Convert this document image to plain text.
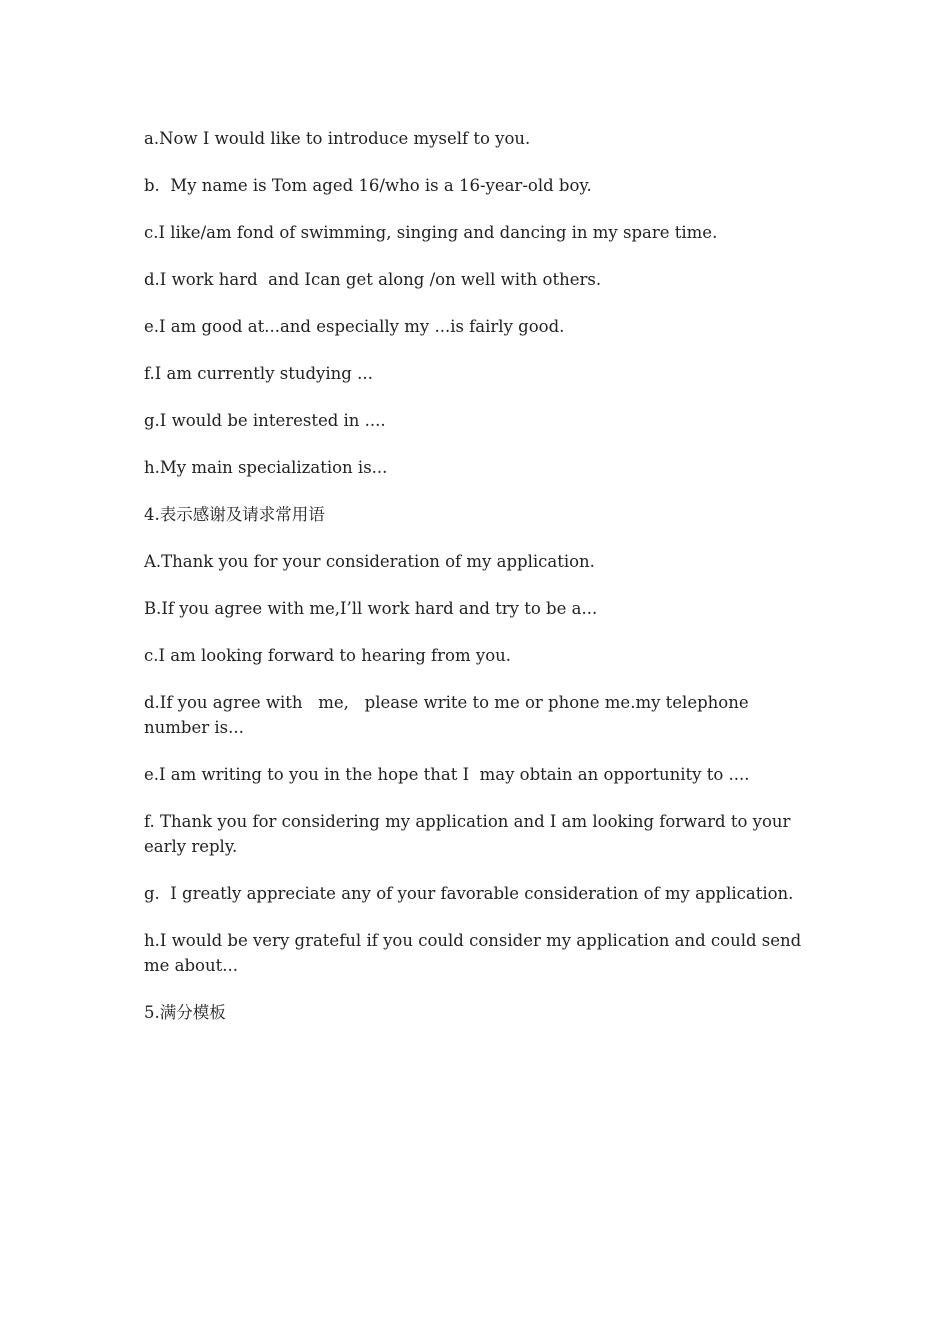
a.Now I would like to introduce myself to you.

b.  My name is Tom aged 16/who is a 16-year-old boy.

c.I like/am fond of swimming, singing and dancing in my spare time.

d.I work hard  and Ican get along /on well with others.

e.I am good at...and especially my ...is fairly good.

f.I am currently studying ...

g.I would be interested in ....

h.My main specialization is...

4.表示感谢及请求常用语

A.Thank you for your consideration of my application.

B.If you agree with me,I’ll work hard and try to be a...

c.I am looking forward to hearing from you.

d.If you agree with   me,   please write to me or phone me.my telephone number is...

e.I am writing to you in the hope that I  may obtain an opportunity to ....

f. Thank you for considering my application and I am looking forward to your early reply.

g.  I greatly appreciate any of your favorable consideration of my application.

h.I would be very grateful if you could consider my application and could send me about...

5.满分模板
